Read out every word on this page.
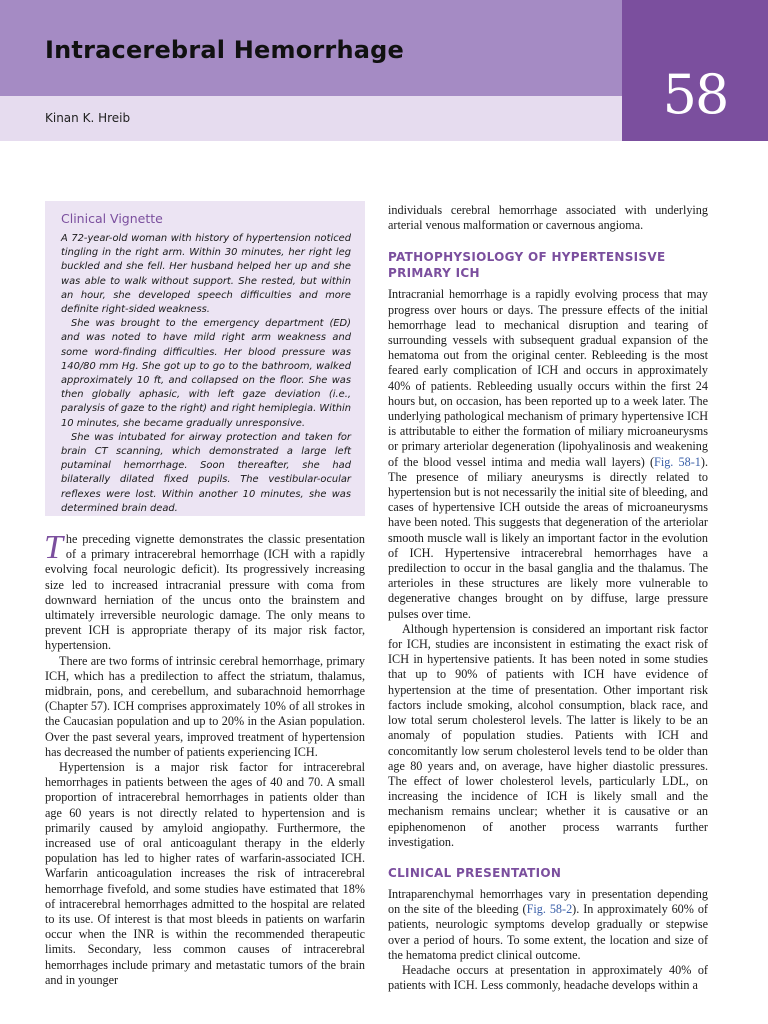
Intracerebral Hemorrhage
Kinan K. Hreib	58
Clinical Vignette

A 72-year-old woman with history of hypertension noticed tingling in the right arm. Within 30 minutes, her right leg buckled and she fell. Her husband helped her up and she was able to walk without support. She rested, but within an hour, she developed speech difficulties and more definite right-sided weakness.

She was brought to the emergency department (ED) and was noted to have mild right arm weakness and some word-finding difficulties. Her blood pressure was 140/80 mm Hg. She got up to go to the bathroom, walked approximately 10 ft, and collapsed on the floor. She was then globally aphasic, with left gaze deviation (i.e., paralysis of gaze to the right) and right hemiplegia. Within 10 minutes, she became gradually unresponsive.

She was intubated for airway protection and taken for brain CT scanning, which demonstrated a large left putaminal hemorrhage. Soon thereafter, she had bilaterally dilated fixed pupils. The vestibular-ocular reflexes were lost. Within another 10 minutes, she was determined brain dead.

The preceding vignette demonstrates the classic presentation of a primary intracerebral hemorrhage (ICH with a rapidly evolving focal neurologic deficit). Its progressively increasing size led to increased intracranial pressure with coma from downward herniation of the uncus onto the brainstem and ultimately irreversible neurologic damage. The only means to prevent ICH is appropriate therapy of its major risk factor, hypertension.

There are two forms of intrinsic cerebral hemorrhage, primary ICH, which has a predilection to affect the striatum, thalamus, midbrain, pons, and cerebellum, and subarachnoid hemorrhage (Chapter 57). ICH comprises approximately 10% of all strokes in the Caucasian population and up to 20% in the Asian population. Over the past several years, improved treatment of hypertension has decreased the number of patients experiencing ICH.

Hypertension is a major risk factor for intracerebral hemorrhages in patients between the ages of 40 and 70. A small proportion of intracerebral hemorrhages in patients older than age 60 years is not directly related to hypertension and is primarily caused by amyloid angiopathy. Furthermore, the increased use of oral anticoagulant therapy in the elderly population has led to higher rates of warfarin-associated ICH. Warfarin anticoagulation increases the risk of intracerebral hemorrhage fivefold, and some studies have estimated that 18% of intracerebral hemorrhages admitted to the hospital are related to its use. Of interest is that most bleeds in patients on warfarin occur when the INR is within the recommended therapeutic limits. Secondary, less common causes of intracerebral hemorrhages include primary and metastatic tumors of the brain and in younger

individuals cerebral hemorrhage associated with underlying arterial venous malformation or cavernous angioma.

PATHOPHYSIOLOGY OF HYPERTENSISVE PRIMARY ICH

Intracranial hemorrhage is a rapidly evolving process that may progress over hours or days. The pressure effects of the initial hemorrhage lead to mechanical disruption and tearing of surrounding vessels with subsequent gradual expansion of the hematoma out from the original center. Rebleeding is the most feared early complication of ICH and occurs in approximately 40% of patients. Rebleeding usually occurs within the first 24 hours but, on occasion, has been reported up to a week later. The underlying pathological mechanism of primary hypertensive ICH is attributable to either the formation of miliary microaneurysms or primary arteriolar degeneration (lipohyalinosis and weakening of the blood vessel intima and media wall layers) (Fig. 58-1). The presence of miliary aneurysms is directly related to hypertension but is not necessarily the initial site of bleeding, and cases of hypertensive ICH outside the areas of microaneurysms have been noted. This suggests that degeneration of the arteriolar smooth muscle wall is likely an important factor in the evolution of ICH. Hypertensive intracerebral hemorrhages have a predilection to occur in the basal ganglia and the thalamus. The arterioles in these structures are likely more vulnerable to degenerative changes brought on by diffuse, large pressure pulses over time.

Although hypertension is considered an important risk factor for ICH, studies are inconsistent in estimating the exact risk of ICH in hypertensive patients. It has been noted in some studies that up to 90% of patients with ICH have evidence of hypertension at the time of presentation. Other important risk factors include smoking, alcohol consumption, black race, and low total serum cholesterol levels. The latter is likely to be an anomaly of population studies. Patients with ICH and concomitantly low serum cholesterol levels tend to be older than age 80 years and, on average, have higher diastolic pressures. The effect of lower cholesterol levels, particularly LDL, on increasing the incidence of ICH is likely small and the mechanism remains unclear; whether it is causative or an epiphenomenon of another process warrants further investigation.

CLINICAL PRESENTATION

Intraparenchymal hemorrhages vary in presentation depending on the site of the bleeding (Fig. 58-2). In approximately 60% of patients, neurologic symptoms develop gradually or stepwise over a period of hours. To some extent, the location and size of the hematoma predict clinical outcome.

Headache occurs at presentation in approximately 40% of patients with ICH. Less commonly, headache develops within a
